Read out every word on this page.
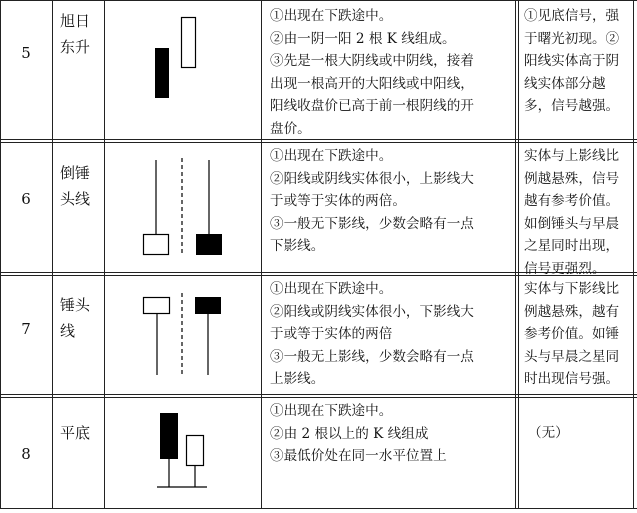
5
旭日
东升
①出现在下跌途中。
②由一阴一阳 2 根 K 线组成。
③先是一根大阴线或中阴线，接着
出现一根高开的大阳线或中阳线，
阳线收盘价已高于前一根阴线的开
盘价。
①见底信号，强
于曙光初现。②
阳线实体高于阴
线实体部分越
多，信号越强。
6
倒锤
头线
①出现在下跌途中。
②阳线或阴线实体很小，上影线大
于或等于实体的两倍。
③一般无下影线，少数会略有一点
下影线。
实体与上影线比
例越悬殊，信号
越有参考价值。
如倒锤头与早晨
之星同时出现，
信号更强烈。
7
锤头
线
①出现在下跌途中。
②阳线或阴线实体很小，下影线大
于或等于实体的两倍
③一般无上影线，少数会略有一点
上影线。
实体与下影线比
例越悬殊，越有
参考价值。如锤
头与早晨之星同
时出现信号强。
8
平底
①出现在下跌途中。
②由 2 根以上的 K 线组成
③最低价处在同一水平位置上
（无）
